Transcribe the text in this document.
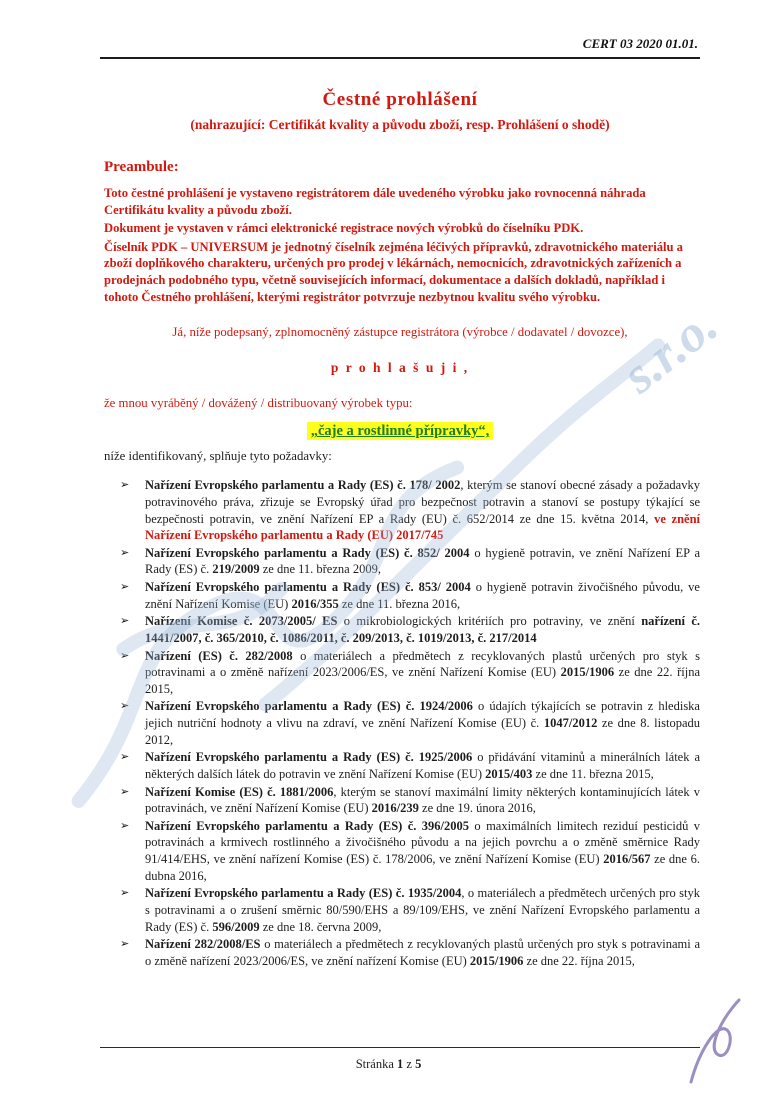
s.r.o.
CERT 03 2020 01.01.
Čestné prohlášení
(nahrazující: Certifikát kvality a původu zboží, resp. Prohlášení o shodě)
Preambule:

Toto čestné prohlášení je vystaveno registrátorem dále uvedeného výrobku jako rovnocenná náhrada Certifikátu kvality a původu zboží.

Dokument je vystaven v rámci elektronické registrace nových výrobků do číselníku PDK.

Číselník PDK – UNIVERSUM je jednotný číselník zejména léčivých přípravků, zdravotnického materiálu a zboží doplňkového charakteru, určených pro prodej v lékárnách, nemocnicích, zdravotnických zařízeních a prodejnách podobného typu, včetně souvisejících informací, dokumentace a dalších dokladů, například i tohoto Čestného prohlášení, kterými registrátor potvrzuje nezbytnou kvalitu svého výrobku.

Já, níže podepsaný, zplnomocněný zástupce registrátora (výrobce / dodavatel / dovozce),
p r o h l a š u j i ,
že mnou vyráběný / dovážený / distribuovaný výrobek typu:
„čaje a rostlinné přípravky“,
níže identifikovaný, splňuje tyto požadavky:
➢ Nařízení Evropského parlamentu a Rady (ES) č. 178/ 2002, kterým se stanoví obecné zásady a požadavky potravinového práva, zřizuje se Evropský úřad pro bezpečnost potravin a stanoví se postupy týkající se bezpečnosti potravin, ve znění Nařízení EP a Rady (EU) č. 652/2014 ze dne 15. května 2014, ve znění Nařízení Evropského parlamentu a Rady (EU) 2017/745
➢ Nařízení Evropského parlamentu a Rady (ES) č. 852/ 2004 o hygieně potravin, ve znění Nařízení EP a Rady (ES) č. 219/2009 ze dne 11. března 2009,
➢ Nařízení Evropského parlamentu a Rady (ES) č. 853/ 2004 o hygieně potravin živočišného původu, ve znění Nařízení Komise (EU) 2016/355 ze dne 11. března 2016,
➢ Nařízení Komise č. 2073/2005/ ES o mikrobiologických kritériích pro potraviny, ve znění nařízení č. 1441/2007, č. 365/2010, č. 1086/2011, č. 209/2013, č. 1019/2013, č. 217/2014
➢ Nařízení (ES) č. 282/2008 o materiálech a předmětech z recyklovaných plastů určených pro styk s potravinami a o změně nařízení 2023/2006/ES, ve znění Nařízení Komise (EU) 2015/1906 ze dne 22. října 2015,
➢ Nařízení Evropského parlamentu a Rady (ES) č. 1924/2006 o údajích týkajících se potravin z hlediska jejich nutriční hodnoty a vlivu na zdraví, ve znění Nařízení Komise (EU) č. 1047/2012 ze dne 8. listopadu 2012,
➢ Nařízení Evropského parlamentu a Rady (ES) č. 1925/2006 o přidávání vitaminů a minerálních látek a některých dalších látek do potravin ve znění Nařízení Komise (EU) 2015/403 ze dne 11. března 2015,
➢ Nařízení Komise (ES) č. 1881/2006, kterým se stanoví maximální limity některých kontaminujících látek v potravinách, ve znění Nařízení Komise (EU) 2016/239 ze dne 19. února 2016,
➢ Nařízení Evropského parlamentu a Rady (ES) č. 396/2005 o maximálních limitech reziduí pesticidů v potravinách a krmivech rostlinného a živočišného původu a na jejich povrchu a o změně směrnice Rady 91/414/EHS, ve znění nařízení Komise (ES) č. 178/2006, ve znění Nařízení Komise (EU) 2016/567 ze dne 6. dubna 2016,
➢ Nařízení Evropského parlamentu a Rady (ES) č. 1935/2004, o materiálech a předmětech určených pro styk s potravinami a o zrušení směrnic 80/590/EHS a 89/109/EHS, ve znění Nařízení Evropského parlamentu a Rady (ES) č. 596/2009 ze dne 18. června 2009,
➢ Nařízení 282/2008/ES o materiálech a předmětech z recyklovaných plastů určených pro styk s potravinami a o změně nařízení 2023/2006/ES, ve znění nařízení Komise (EU) 2015/1906 ze dne 22. října 2015,
Stránka 1 z 5
